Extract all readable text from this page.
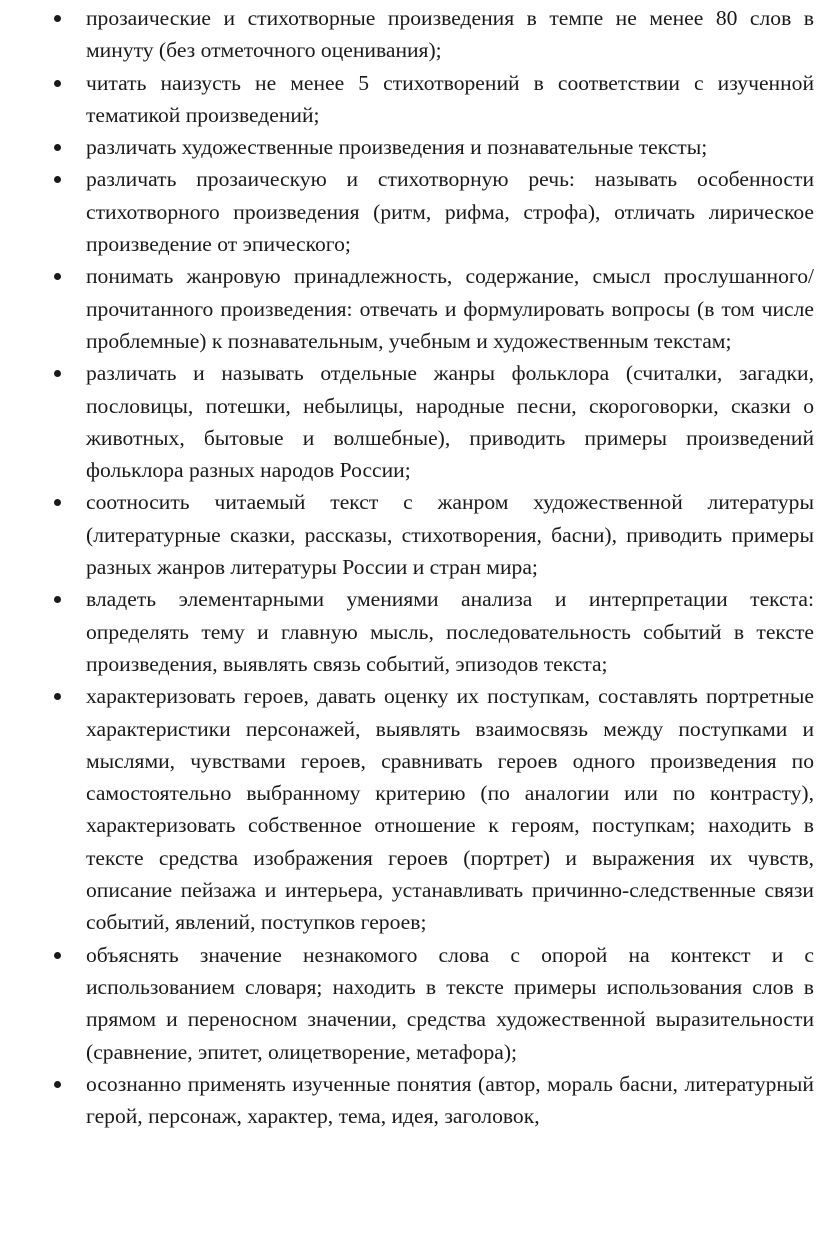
прозаические и стихотворные произведения в темпе не менее 80 слов в минуту (без отметочного оценивания);
читать наизусть не менее 5 стихотворений в соответствии с изученной тематикой произведений;
различать художественные произведения и познавательные тексты;
различать прозаическую и стихотворную речь: называть особенности стихотворного произведения (ритм, рифма, строфа), отличать лирическое произведение от эпического;
понимать жанровую принадлежность, содержание, смысл прослушанного/прочитанного произведения: отвечать и формулировать вопросы (в том числе проблемные) к познавательным, учебным и художественным текстам;
различать и называть отдельные жанры фольклора (считалки, загадки, пословицы, потешки, небылицы, народные песни, скороговорки, сказки о животных, бытовые и волшебные), приводить примеры произведений фольклора разных народов России;
соотносить читаемый текст с жанром художественной литературы (литературные сказки, рассказы, стихотворения, басни), приводить примеры разных жанров литературы России и стран мира;
владеть элементарными умениями анализа и интерпретации текста: определять тему и главную мысль, последовательность событий в тексте произведения, выявлять связь событий, эпизодов текста;
характеризовать героев, давать оценку их поступкам, составлять портретные характеристики персонажей, выявлять взаимосвязь между поступками и мыслями, чувствами героев, сравнивать героев одного произведения по самостоятельно выбранному критерию (по аналогии или по контрасту), характеризовать собственное отношение к героям, поступкам; находить в тексте средства изображения героев (портрет) и выражения их чувств, описание пейзажа и интерьера, устанавливать причинно-следственные связи событий, явлений, поступков героев;
объяснять значение незнакомого слова с опорой на контекст и с использованием словаря; находить в тексте примеры использования слов в прямом и переносном значении, средства художественной выразительности (сравнение, эпитет, олицетворение, метафора);
осознанно применять изученные понятия (автор, мораль басни, литературный герой, персонаж, характер, тема, идея, заголовок,
